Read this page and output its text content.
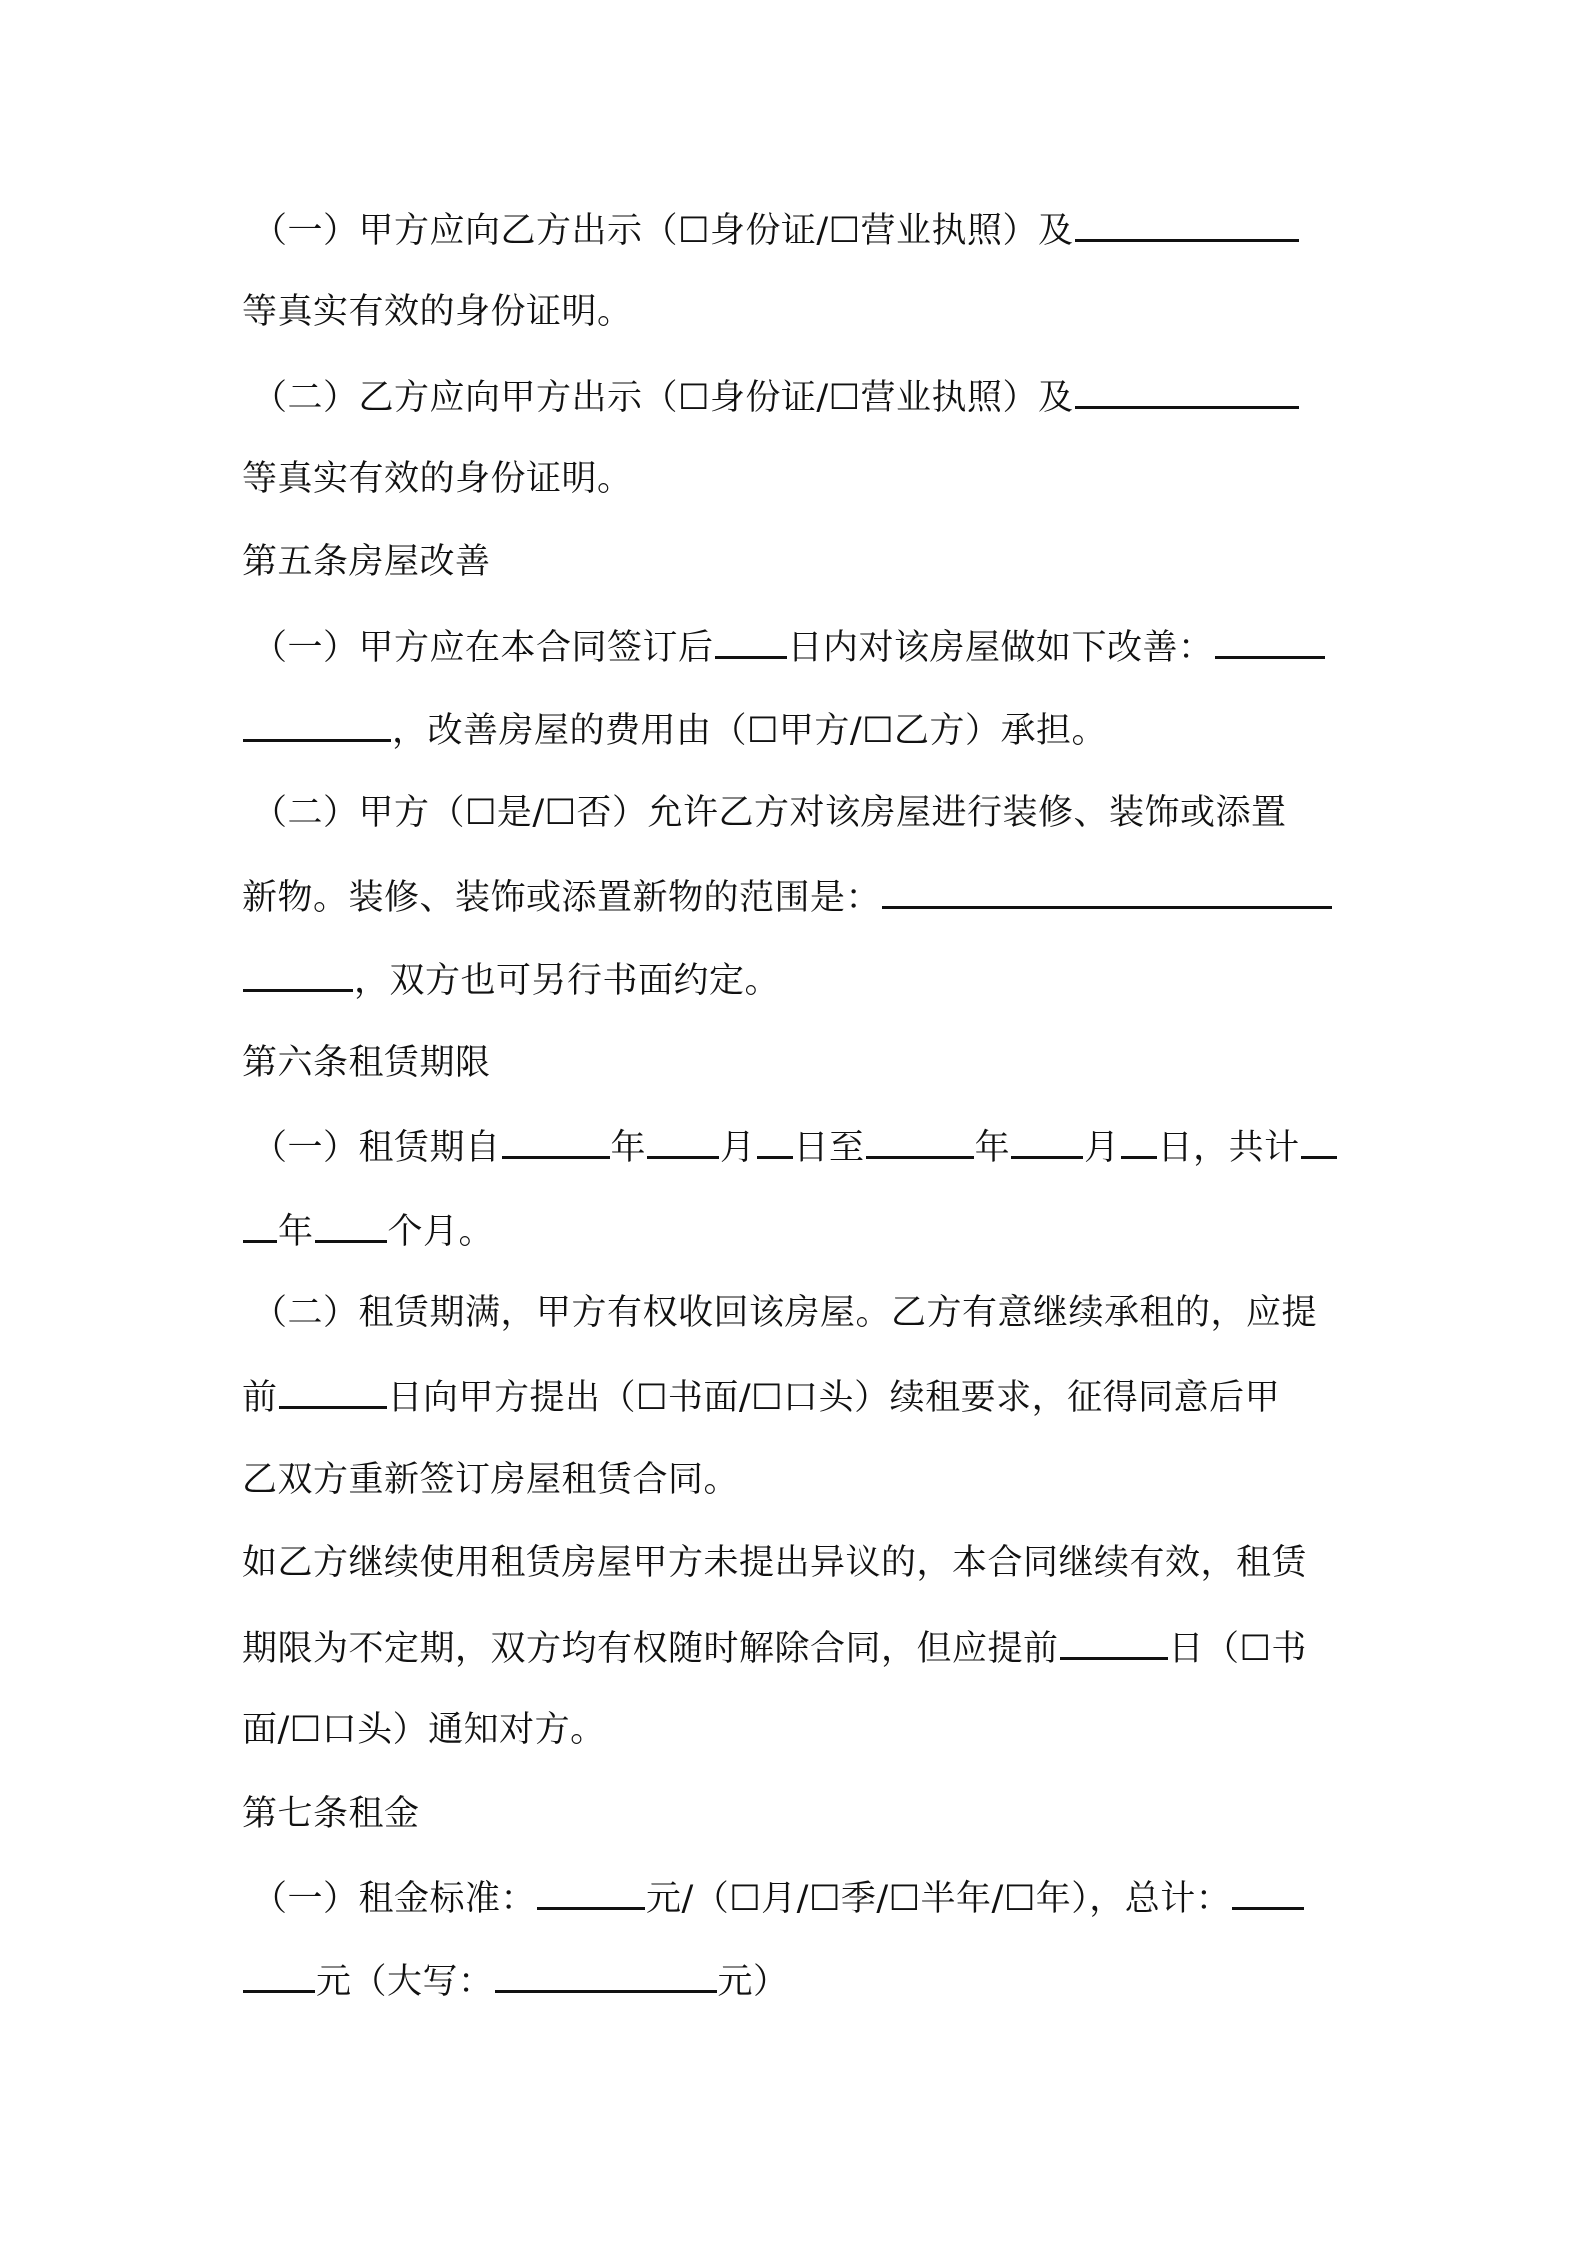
（一）甲方应向乙方出示（☐身份证/☐营业执照）及
等真实有效的身份证明。
（二）乙方应向甲方出示（☐身份证/☐营业执照）及
等真实有效的身份证明。
第五条房屋改善
（一）甲方应在本合同签订后 日内对该房屋做如下改善：
，改善房屋的费用由（☐甲方/☐乙方）承担。
（二）甲方（☐是/☐否）允许乙方对该房屋进行装修、装饰或添置
新物。装修、装饰或添置新物的范围是：
，双方也可另行书面约定。
第六条租赁期限
（一）租赁期自	年 月 日至	年 月 日，共计
年 个月。
（二）租赁期满，甲方有权收回该房屋。乙方有意继续承租的，应提
前	日向甲方提出（☐书面/☐口头）续租要求，征得同意后甲
乙双方重新签订房屋租赁合同。
如乙方继续使用租赁房屋甲方未提出异议的，本合同继续有效，租赁
期限为不定期，双方均有权随时解除合同，但应提前	日（☐书
面/☐口头）通知对方。
第七条租金
（一）租金标准：	元/（☐月/☐季/☐半年/☐年），总计：
元（大写：	元）
